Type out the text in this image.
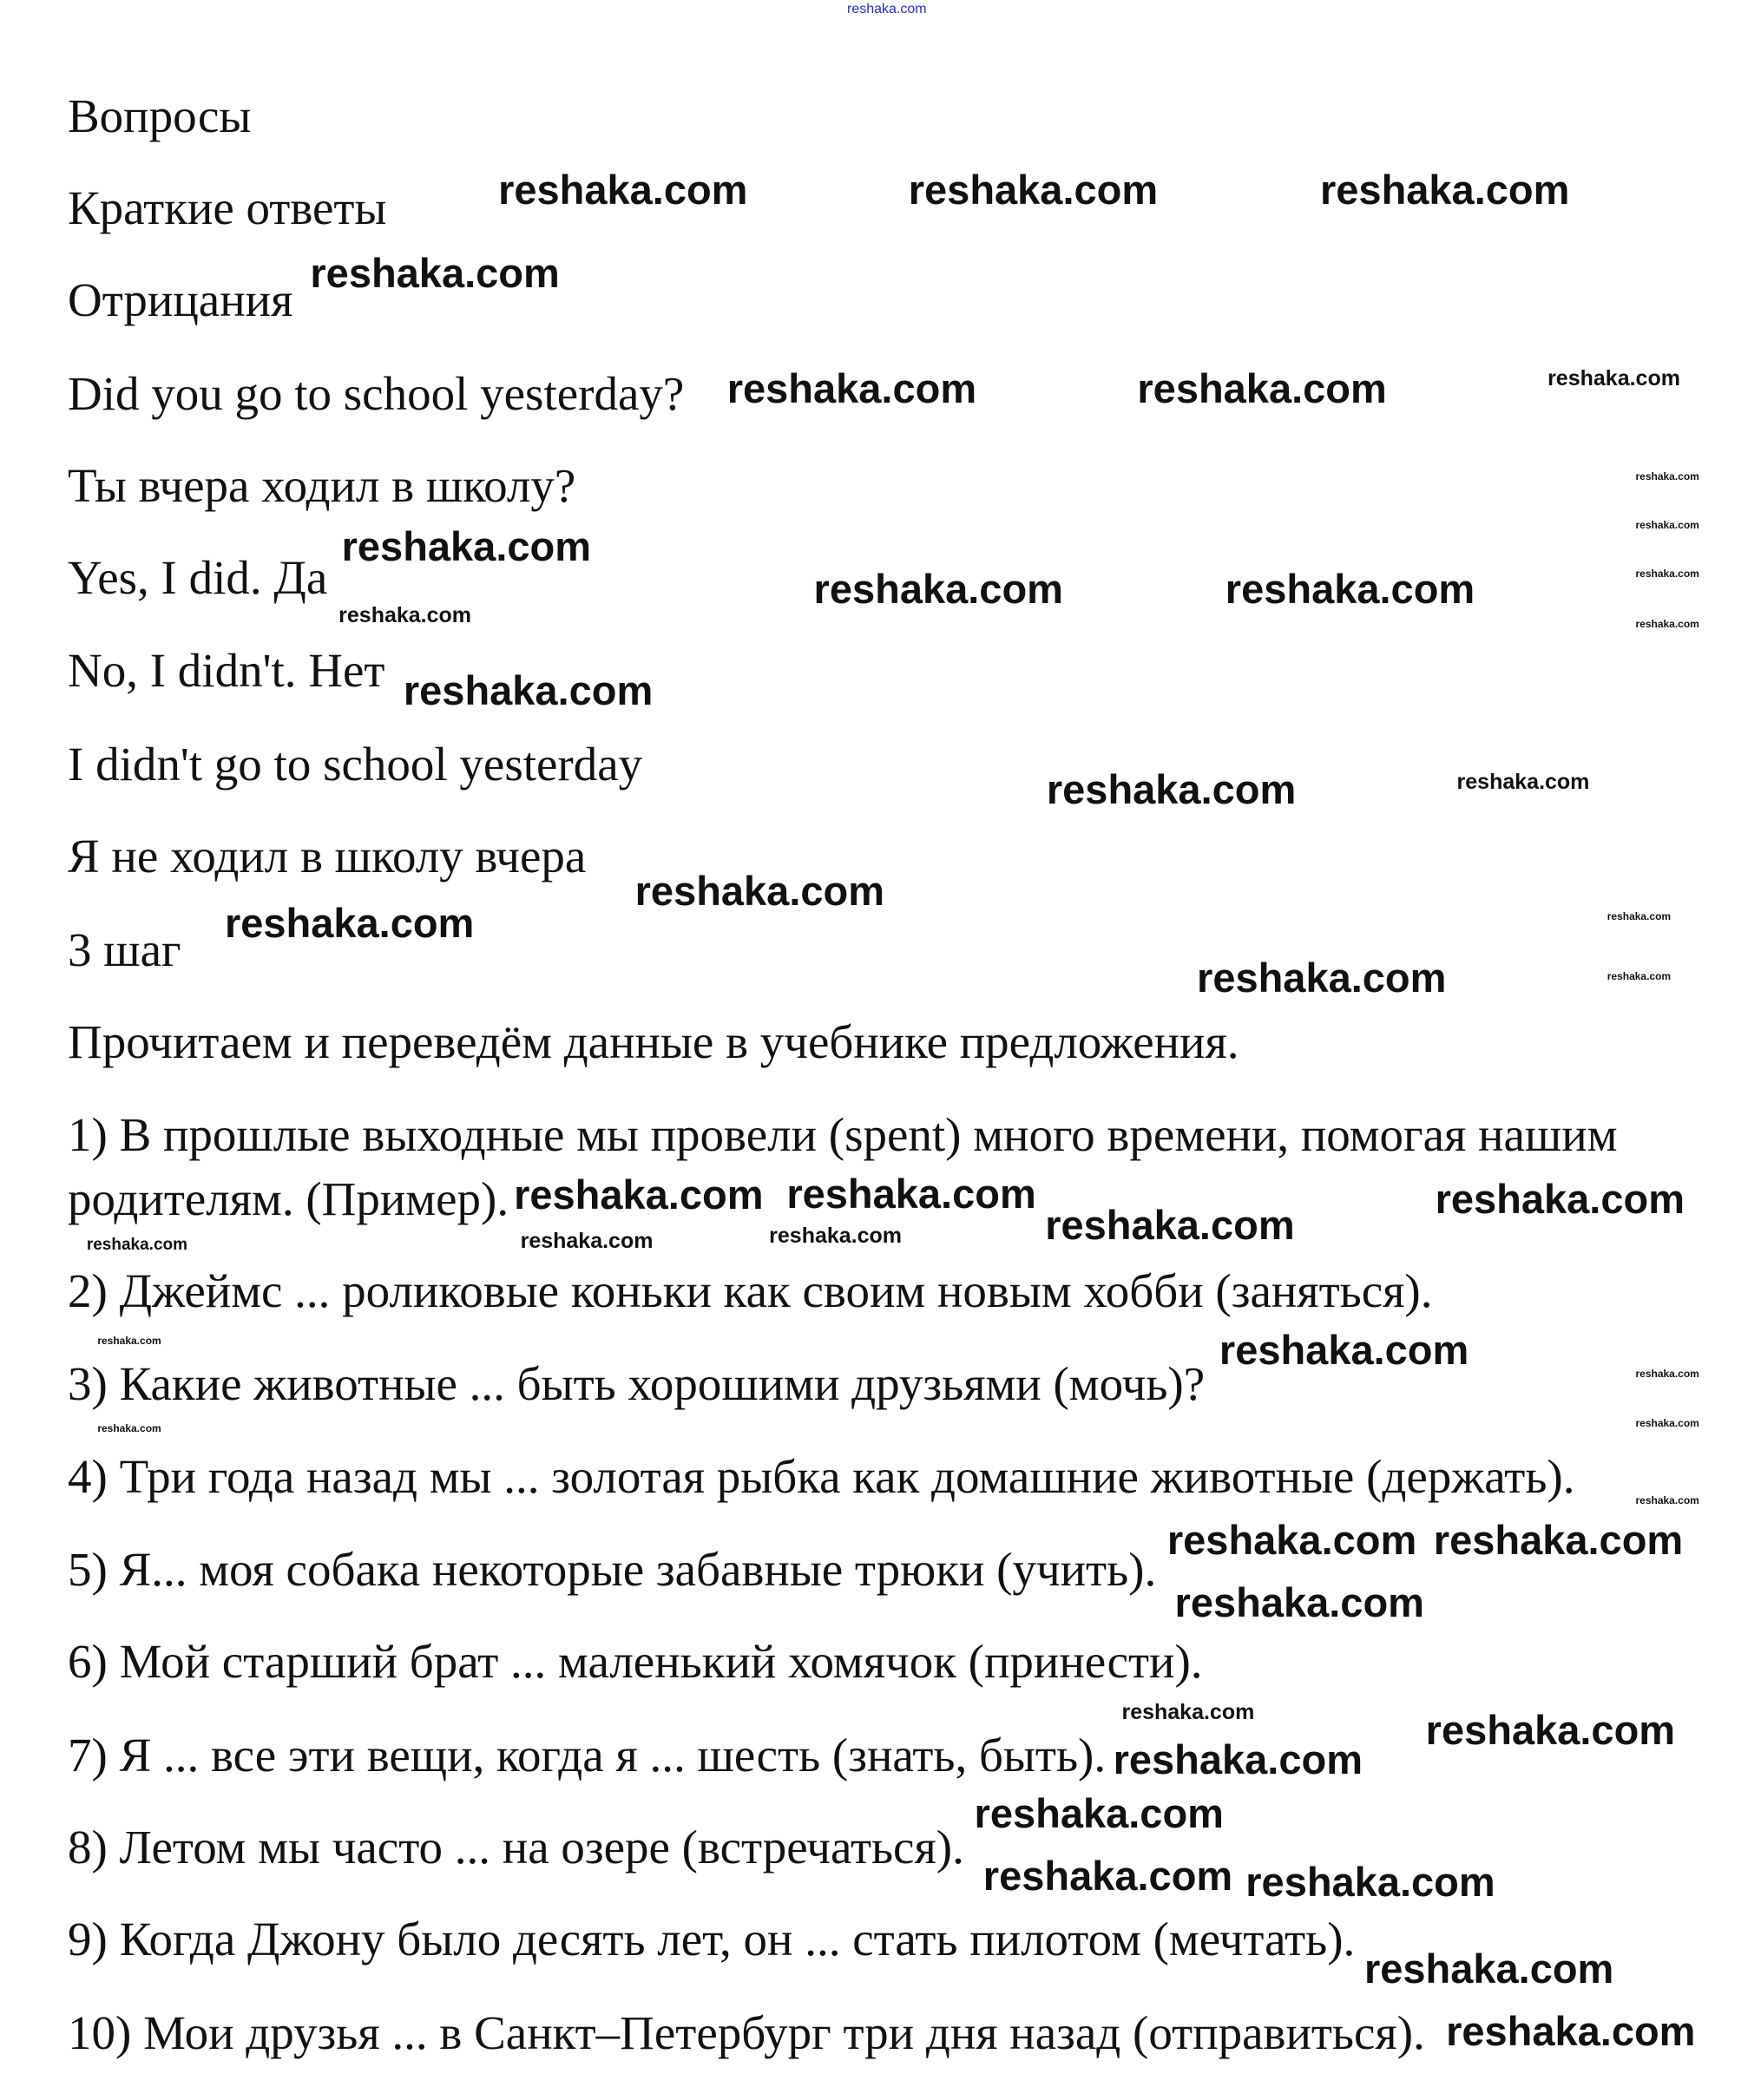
reshaka.com
Вопросы
Краткие ответы
Отрицания
Did you go to school yesterday?
Ты вчера ходил в школу?
Yes, I did. Да
No, I didn't. Нет
I didn't go to school yesterday
Я не ходил в школу вчера
3 шаг
Прочитаем и переведём данные в учебнике предложения.
1) В прошлые выходные мы провели (spent) много времени, помогая нашим
родителям. (Пример).
2) Джеймс ... роликовые коньки как своим новым хобби (заняться).
3) Какие животные ... быть хорошими друзьями (мочь)?
4) Три года назад мы ... золотая рыбка как домашние животные (держать).
5) Я... моя собака некоторые забавные трюки (учить).
6) Мой старший брат ... маленький хомячок (принести).
7) Я ... все эти вещи, когда я ... шесть (знать, быть).
8) Летом мы часто ... на озере (встречаться).
9) Когда Джону было десять лет, он ... стать пилотом (мечтать).
10) Мои друзья ... в Санкт–Петербург три дня назад (отправиться).
reshaka.com	reshaka.com	reshaka.com
reshaka.com
reshaka.com	reshaka.com
reshaka.com
reshaka.com	reshaka.com
reshaka.com
reshaka.com
reshaka.com
reshaka.com
reshaka.com
reshaka.com
reshaka.com	reshaka.com
reshaka.com
reshaka.com
reshaka.com
reshaka.com
reshaka.com
reshaka.com
reshaka.com
reshaka.com
reshaka.com
reshaka.com
reshaka.com
reshaka.com
reshaka.com
reshaka.com
reshaka.com
reshaka.com	reshaka.com
reshaka.com
reshaka.com
reshaka.com
reshaka.com
reshaka.com
reshaka.com
reshaka.com
reshaka.com
reshaka.com
reshaka.com
reshaka.com
reshaka.com
reshaka.com
